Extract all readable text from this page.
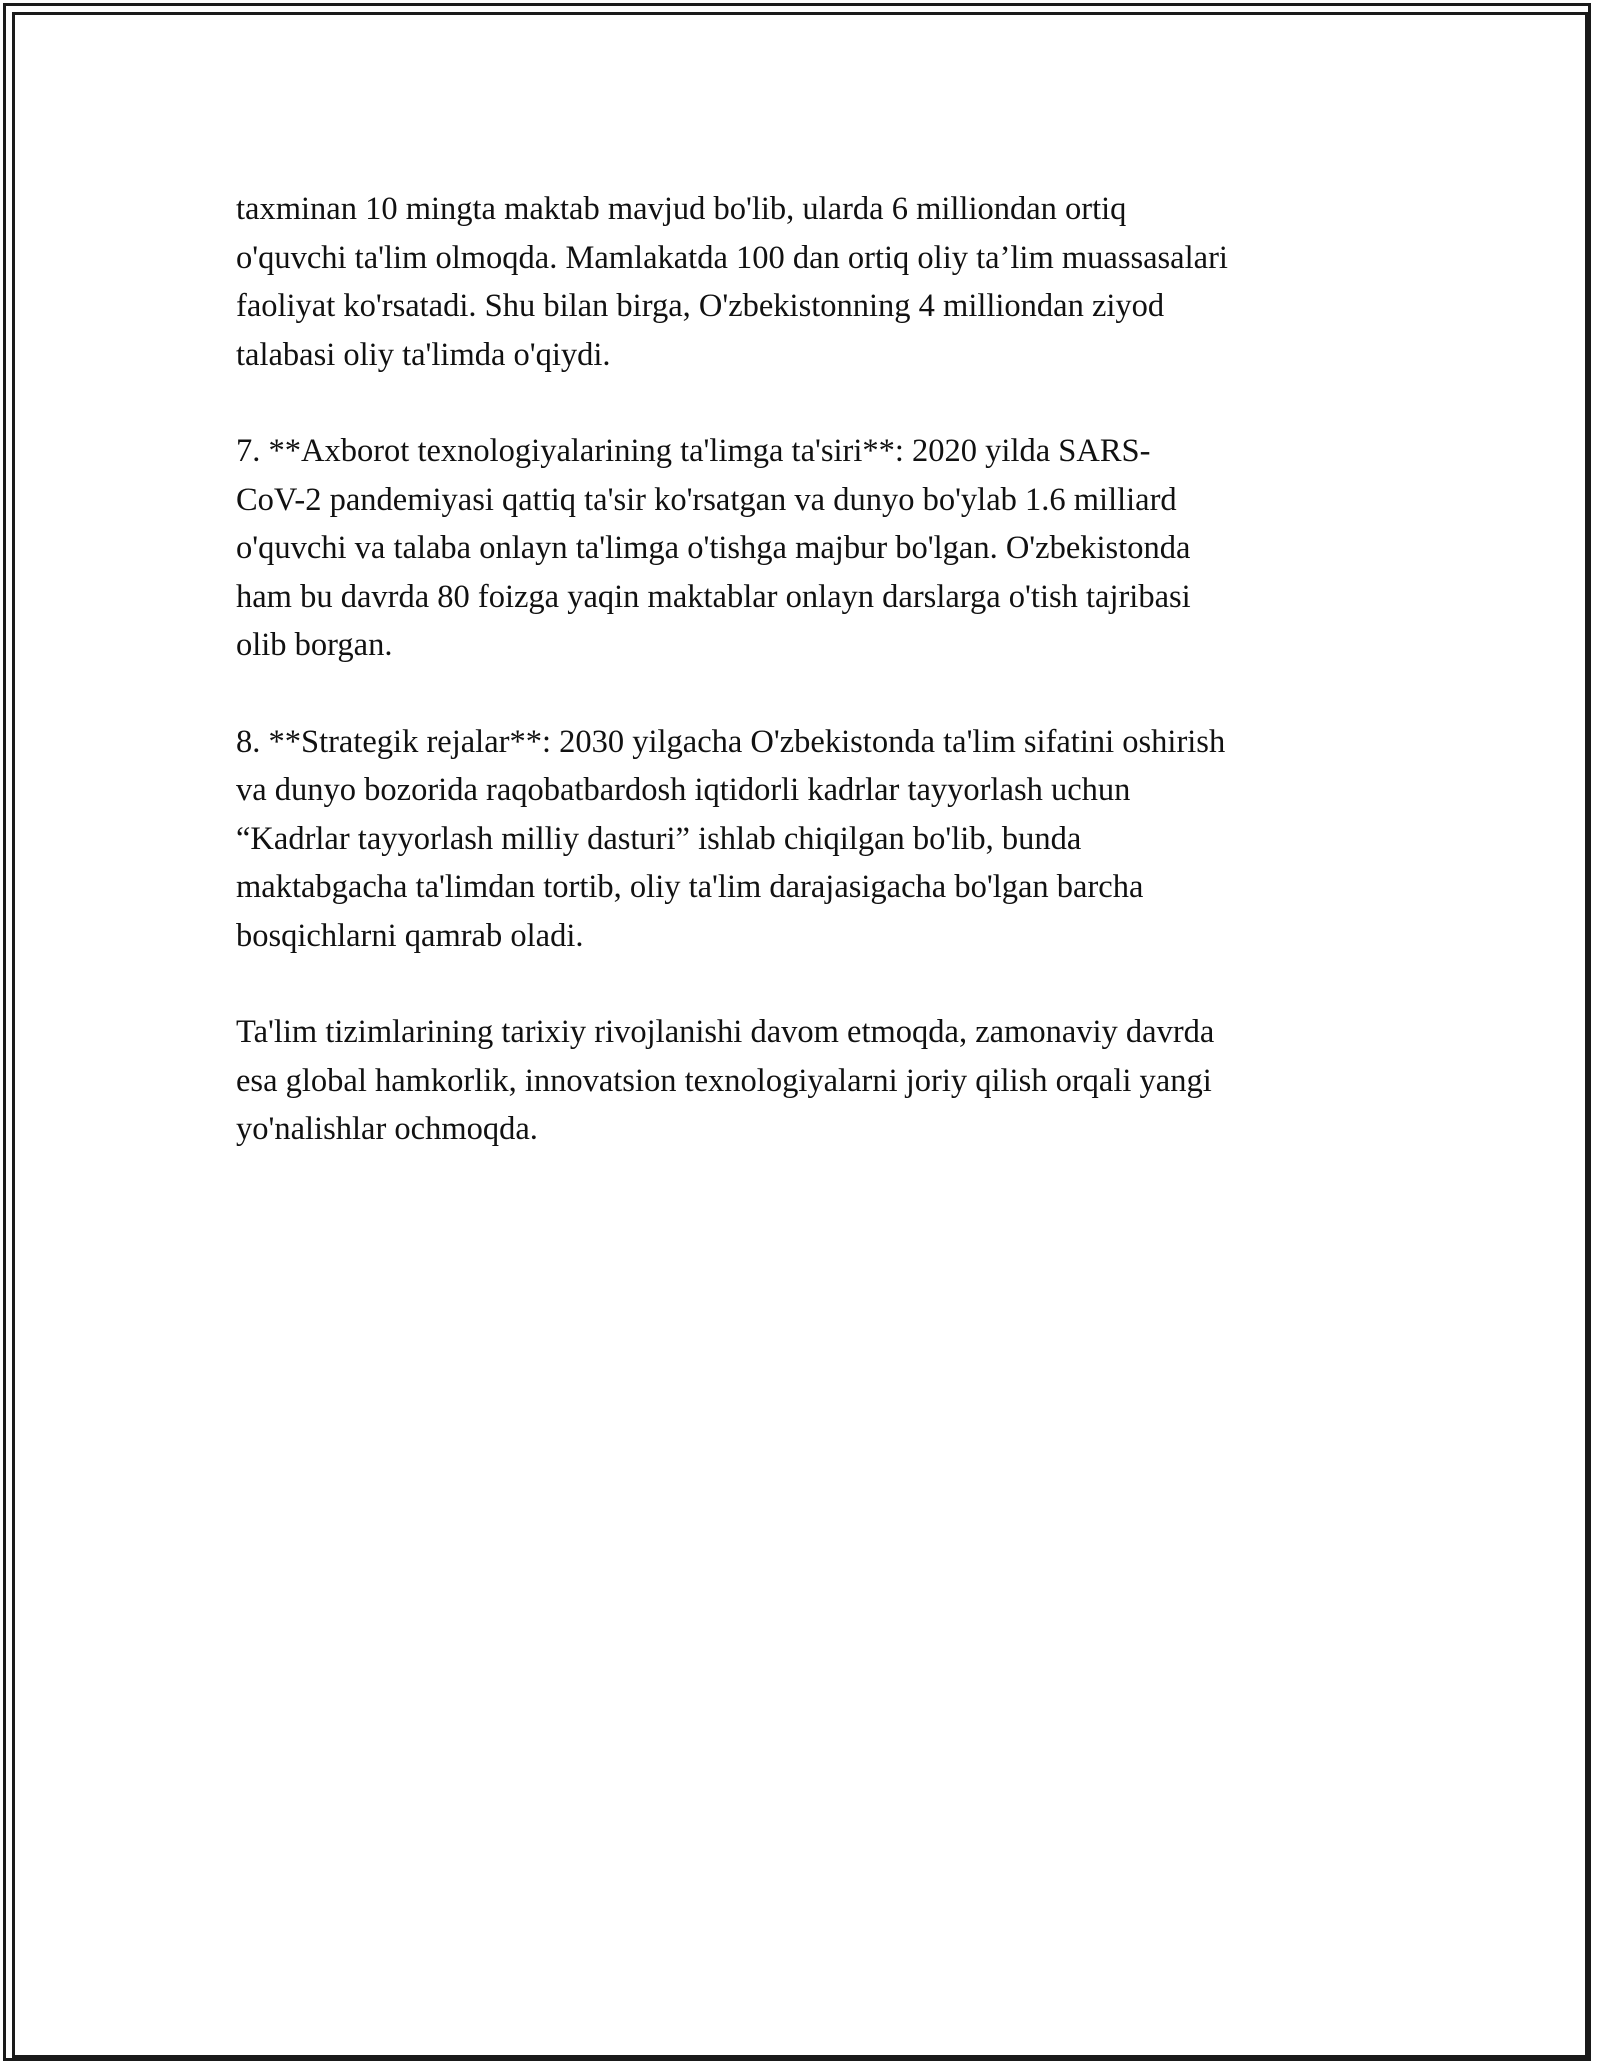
taxminan 10 mingta maktab mavjud bo'lib, ularda 6 milliondan ortiq
o'quvchi ta'lim olmoqda. Mamlakatda 100 dan ortiq oliy ta’lim muassasalari
faoliyat ko'rsatadi. Shu bilan birga, O'zbekistonning 4 milliondan ziyod
talabasi oliy ta'limda o'qiydi.

7. **Axborot texnologiyalarining ta'limga ta'siri**: 2020 yilda SARS-
CoV-2 pandemiyasi qattiq ta'sir ko'rsatgan va dunyo bo'ylab 1.6 milliard
o'quvchi va talaba onlayn ta'limga o'tishga majbur bo'lgan. O'zbekistonda
ham bu davrda 80 foizga yaqin maktablar onlayn darslarga o'tish tajribasi
olib borgan.

8. **Strategik rejalar**: 2030 yilgacha O'zbekistonda ta'lim sifatini oshirish
va dunyo bozorida raqobatbardosh iqtidorli kadrlar tayyorlash uchun
“Kadrlar tayyorlash milliy dasturi” ishlab chiqilgan bo'lib, bunda
maktabgacha ta'limdan tortib, oliy ta'lim darajasigacha bo'lgan barcha
bosqichlarni qamrab oladi.

Ta'lim tizimlarining tarixiy rivojlanishi davom etmoqda, zamonaviy davrda
esa global hamkorlik, innovatsion texnologiyalarni joriy qilish orqali yangi
yo'nalishlar ochmoqda.
